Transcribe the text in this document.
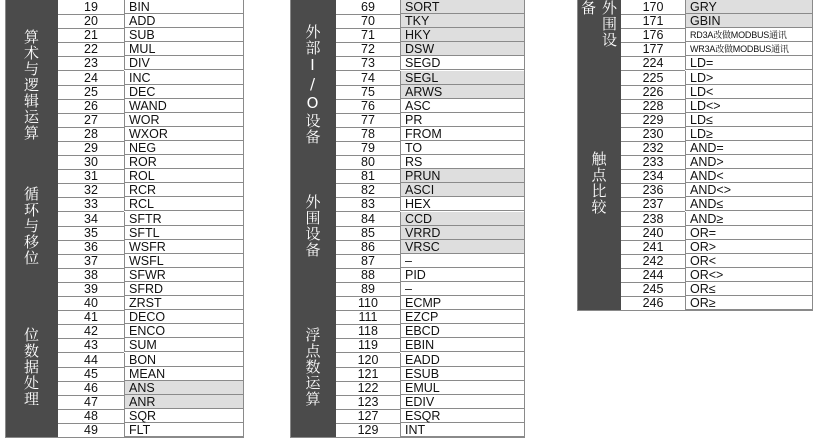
算术与逻辑运算
循环与移位
位数据处理
19	BIN
20	ADD
21	SUB
22	MUL
23	DIV
24	INC
25	DEC
26	WAND
27	WOR
28	WXOR
29	NEG
30	ROR
31	ROL
32	RCR
33	RCL
34	SFTR
35	SFTL
36	WSFR
37	WSFL
38	SFWR
39	SFRD
40	ZRST
41	DECO
42	ENCO
43	SUM
44	BON
45	MEAN
46	ANS
47	ANR
48	SQR
49	FLT
外部I/O设备
外围设备
浮点数运算
69	SORT
70	TKY
71	HKY
72	DSW
73	SEGD
74	SEGL
75	ARWS
76	ASC
77	PR
78	FROM
79	TO
80	RS
81	PRUN
82	ASCI
83	HEX
84	CCD
85	VRRD
86	VRSC
87	–
88	PID
89	–
110	ECMP
111	EZCP
118	EBCD
119	EBIN
120	EADD
121	ESUB
122	EMUL
123	EDIV
127	ESQR
129	INT
外围设备
触点比较
170	GRY
171	GBIN
176	RD3A改做MODBUS通讯
177	WR3A改做MODBUS通讯
224	LD=
225	LD>
226	LD<
228	LD<>
229	LD≤
230	LD≥
232	AND=
233	AND>
234	AND<
236	AND<>
237	AND≤
238	AND≥
240	OR=
241	OR>
242	OR<
244	OR<>
245	OR≤
246	OR≥
